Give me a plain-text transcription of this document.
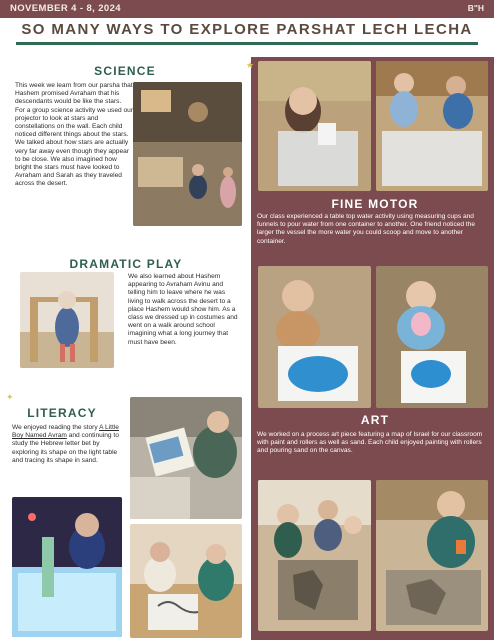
NOVEMBER 4 - 8, 2024	B"H
SO MANY WAYS TO EXPLORE PARSHAT LECH LECHA
SCIENCE
This week we learn from our parsha that Hashem promised Avraham that his descendants would be like the stars. For a group science activity we used our projector to look at stars and constellations on the wall. Each child noticed different things about the stars. We talked about how stars are actually very far away even though they appear to be close. We also imagined how bright the stars must have looked to Avraham and Sarah as they traveled across the desert.
DRAMATIC PLAY
We also learned about Hashem appearing to Avraham Avinu and telling him to leave where he was living to walk across the desert to a place Hashem would show him. As a class we dressed up in costumes and went on a walk around school imagining what a long journey that must have been.
LITERACY
We enjoyed reading the story A Little Boy Named Avram and continuing to study the Hebrew letter bet by exploring its shape on the light table and tracing its shape in sand.
FINE MOTOR
Our class experienced a table top water activity using measuring cups and funnels to pour water from one container to another. One friend noticed the larger the vessel the more water you could scoop and move to another container.
ART
We worked on a process art piece featuring a map of Israel for our classroom with paint and rollers as well as sand. Each child enjoyed painting with rollers and pouring sand on the canvas.
★
✦
